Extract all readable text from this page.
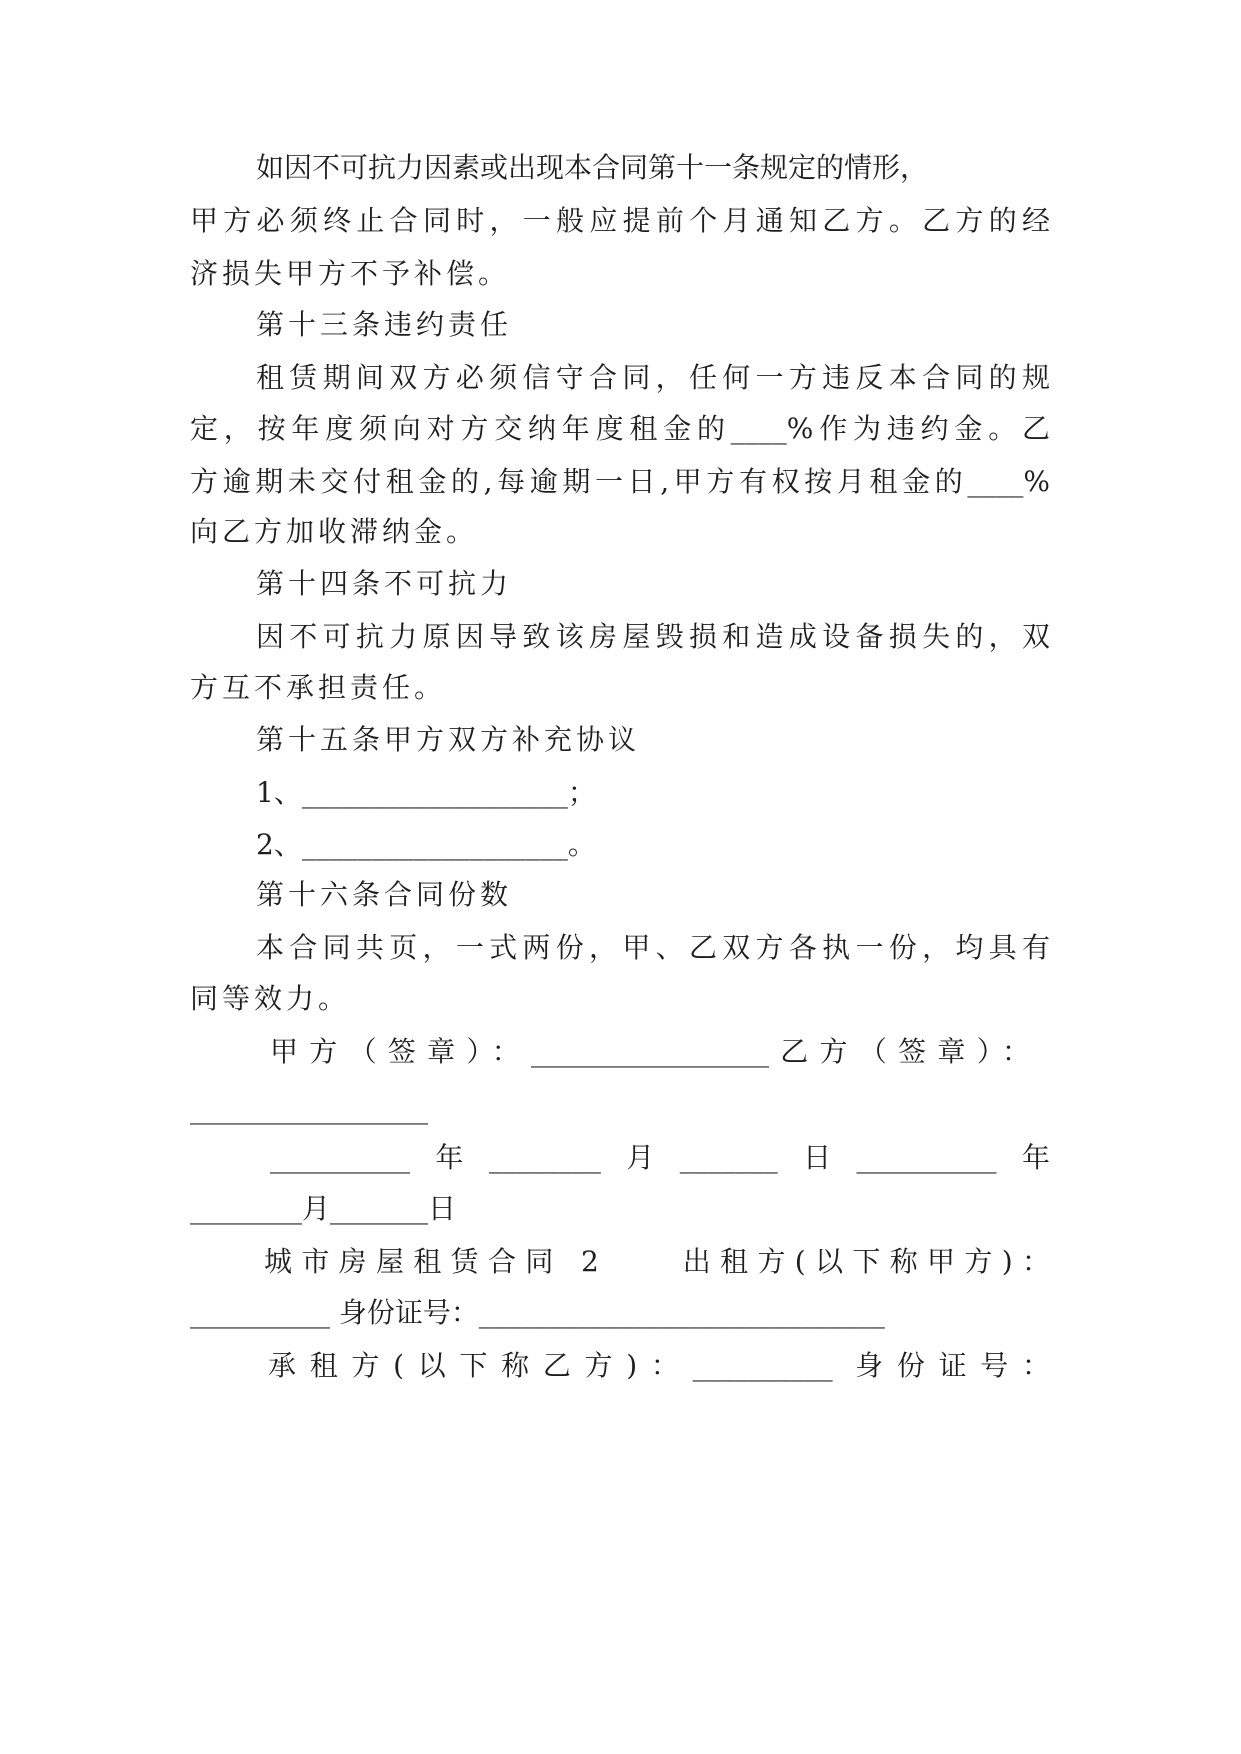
如因不可抗力因素或出现本合同第十一条规定的情形，
甲方必须终止合同时，一般应提前个月通知乙方。乙方的经
济损失甲方不予补偿。
第十三条违约责任
租赁期间双方必须信守合同，任何一方违反本合同的规
定，按年度须向对方交纳年度租金的____%作为违约金。乙
方逾期未交付租金的,每逾期一日,甲方有权按月租金的____%
向乙方加收滞纳金。
第十四条不可抗力
因不可抗力原因导致该房屋毁损和造成设备损失的，双
方互不承担责任。
第十五条甲方双方补充协议
1、___________________；
2、___________________。
第十六条合同份数
本合同共页，一式两份，甲、乙双方各执一份，均具有
同等效力。
甲方（签章）：_________________乙方（签章）：
_________________
__________年________月_______日__________年
________月_______日
城市房屋租赁合同 2　　出租方(以下称甲方)：
__________ 身份证号：_____________________________
承租方(以下称乙方)：__________ 身份证号：
